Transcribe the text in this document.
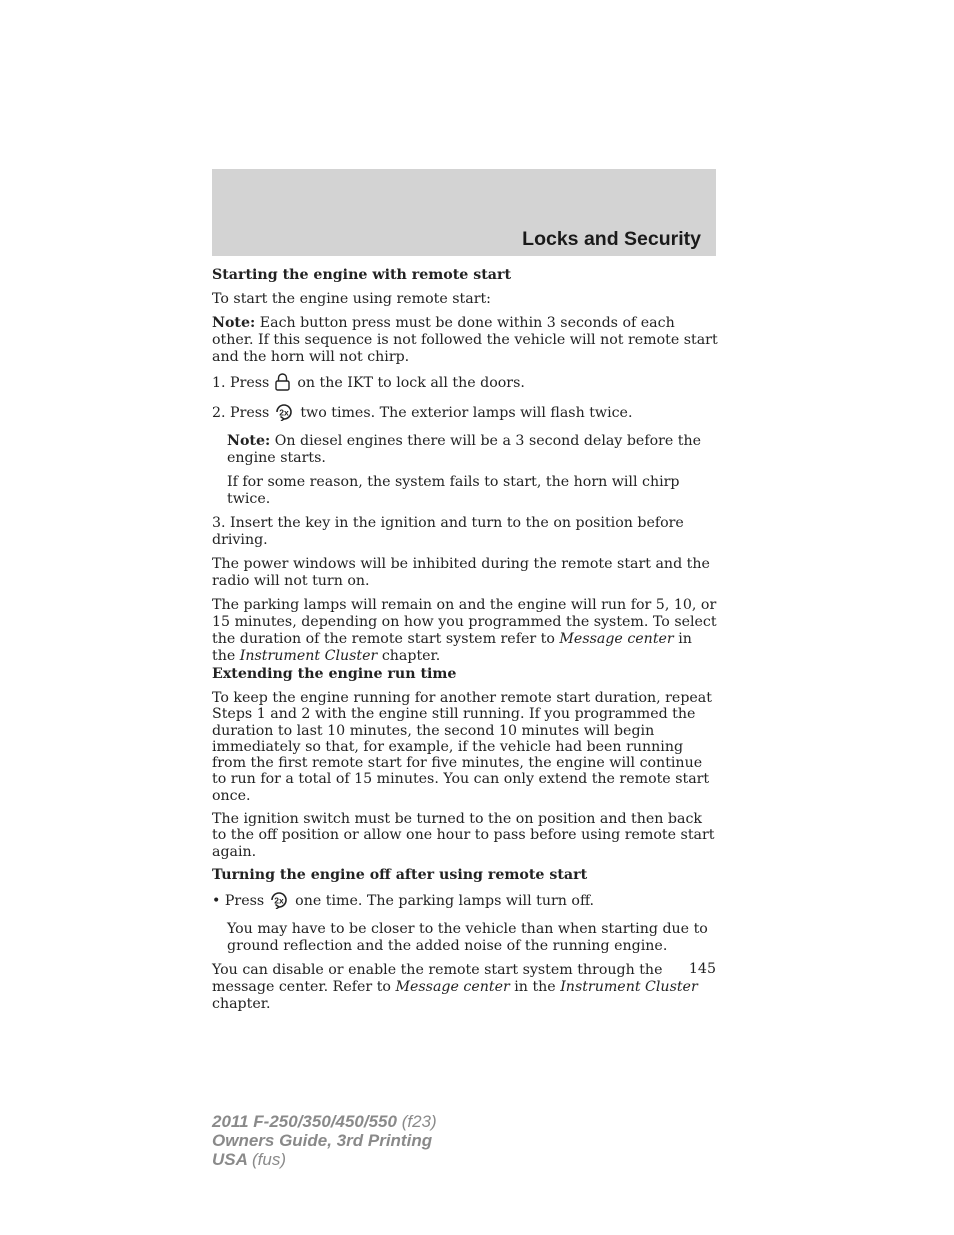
Locks and Security
Starting the engine with remote start

To start the engine using remote start:

Note: Each button press must be done within 3 seconds of each other. If this sequence is not followed the vehicle will not remote start and the horn will not chirp.

1. Press on the IKT to lock all the doors.

2. Press 2x two times. The exterior lamps will flash twice.

Note: On diesel engines there will be a 3 second delay before the engine starts.

If for some reason, the system fails to start, the horn will chirp twice.

3. Insert the key in the ignition and turn to the on position before driving.

The power windows will be inhibited during the remote start and the radio will not turn on.

The parking lamps will remain on and the engine will run for 5, 10, or 15 minutes, depending on how you programmed the system. To select the duration of the remote start system refer to Message center in the Instrument Cluster chapter.

Extending the engine run time

To keep the engine running for another remote start duration, repeat Steps 1 and 2 with the engine still running. If you programmed the duration to last 10 minutes, the second 10 minutes will begin immediately so that, for example, if the vehicle had been running from the first remote start for five minutes, the engine will continue to run for a total of 15 minutes. You can only extend the remote start once.

The ignition switch must be turned to the on position and then back to the off position or allow one hour to pass before using remote start again.

Turning the engine off after using remote start

• Press 2x one time. The parking lamps will turn off.

You may have to be closer to the vehicle than when starting due to ground reflection and the added noise of the running engine.

You can disable or enable the remote start system through the message center. Refer to Message center in the Instrument Cluster chapter.

145
2011 F-250/350/450/550 (f23)
Owners Guide, 3rd Printing
USA (fus)
